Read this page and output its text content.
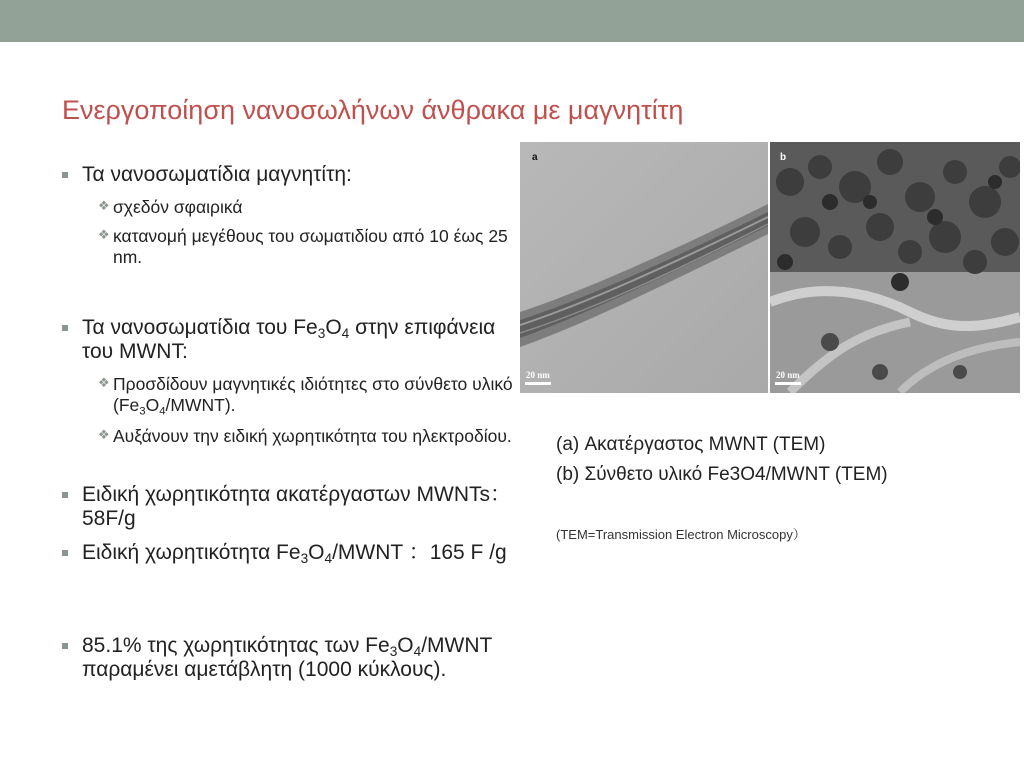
Ενεργοποίηση νανοσωλήνων άνθρακα με μαγνητίτη
Τα νανοσωματίδια μαγνητίτη:
❖ σχεδόν σφαιρικά
❖ κατανομή μεγέθους του σωματιδίου από 10 έως 25 nm.
Τα νανοσωματίδια του $Fe_3O_4$ στην επιφάνεια του MWNT:
❖ Προσδίδουν μαγνητικές ιδιότητες στο σύνθετο υλικό $(Fe_3O_4/MWNT)$.
❖ Αυξάνουν την ειδική χωρητικότητα του ηλεκτροδίου.
Ειδική χωρητικότητα ακατέργαστων MWNTs：58F/g
Ειδική χωρητικότητα $Fe_3O_4$/MWNT ：165 F /g
85.1% της χωρητικότητας των $Fe_3O_4$/MWNT παραμένει αμετάβλητη (1000 κύκλους).
a
20 nm
b
20 nm
(a) Ακατέργαστος MWNT (TEM)
(b) Σύνθετο υλικό Fe3O4/MWNT (TEM)
(TEM=Transmission Electron Microscopy）
